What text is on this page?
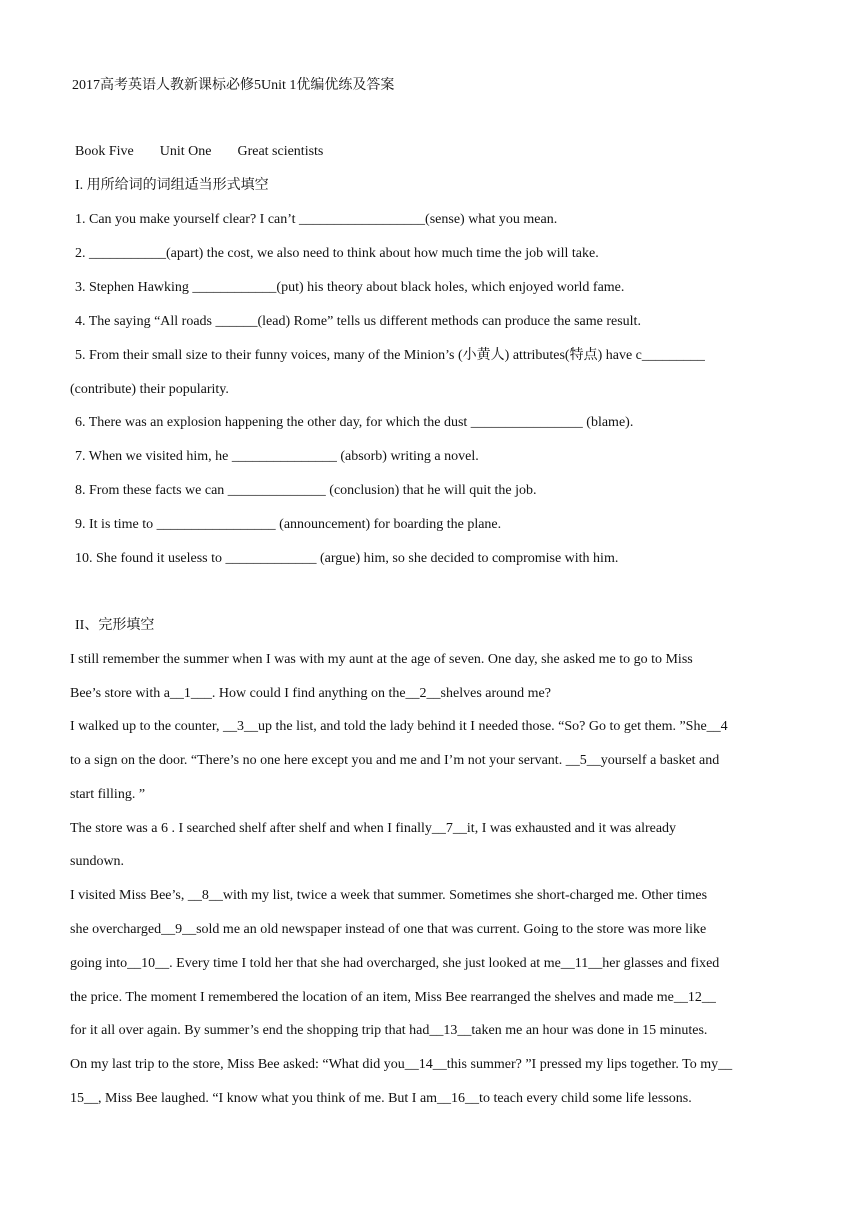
2017高考英语人教新课标必修5Unit 1优编优练及答案
Book Five Unit One Great scientists
I. 用所给词的词组适当形式填空
1. Can you make yourself clear? I can’t __________________(sense) what you mean.
2. ___________(apart) the cost, we also need to think about how much time the job will take.
3. Stephen Hawking ____________(put) his theory about black holes, which enjoyed world fame.
4. The saying “All roads ______(lead) Rome” tells us different methods can produce the same result.
5. From their small size to their funny voices, many of the Minion’s (小黄人) attributes(特点) have c_________
(contribute) their popularity.
6. There was an explosion happening the other day, for which the dust ________________ (blame).
7. When we visited him, he _______________ (absorb) writing a novel.
8. From these facts we can ______________ (conclusion) that he will quit the job.
9. It is time to _________________ (announcement) for boarding the plane.
10. She found it useless to _____________ (argue) him, so she decided to compromise with him.
II、完形填空
I still remember the summer when I was with my aunt at the age of seven. One day, she asked me to go to Miss
Bee’s store with a__1___. How could I find anything on the__2__shelves around me?
I walked up to the counter, __3__up the list, and told the lady behind it I needed those. “So? Go to get them. ”She__4
to a sign on the door. “There’s no one here except you and me and I’m not your servant. __5__yourself a basket and
start filling. ”
The store was a 6 . I searched shelf after shelf and when I finally__7__it, I was exhausted and it was already
sundown.
I visited Miss Bee’s, __8__with my list, twice a week that summer. Sometimes she short-charged me. Other times
she overcharged__9__sold me an old newspaper instead of one that was current. Going to the store was more like
going into__10__. Every time I told her that she had overcharged, she just looked at me__11__her glasses and fixed
the price. The moment I remembered the location of an item, Miss Bee rearranged the shelves and made me__12__
for it all over again. By summer’s end the shopping trip that had__13__taken me an hour was done in 15 minutes.
On my last trip to the store, Miss Bee asked: “What did you__14__this summer? ”I pressed my lips together. To my__
15__, Miss Bee laughed. “I know what you think of me. But I am__16__to teach every child some life lessons.
